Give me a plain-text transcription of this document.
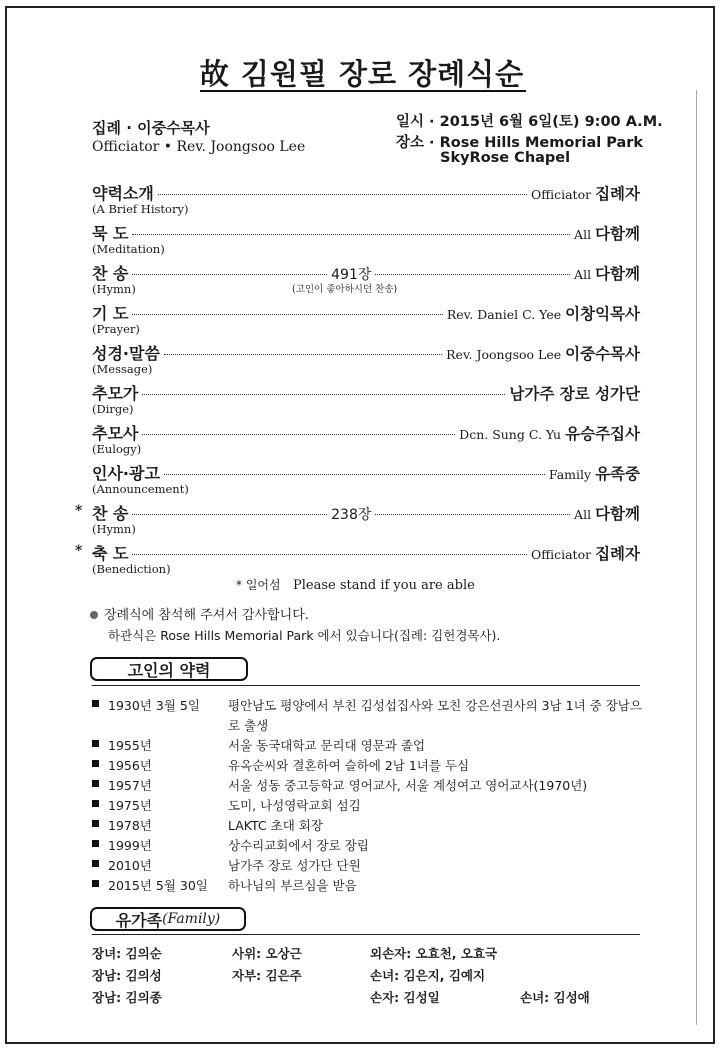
故 김원필 장로 장례식순
집례 · 이중수목사
Officiator • Rev. Joongsoo Lee
일시 · 2015년 6월 6일(토) 9:00 A.M.
장소 · Rose Hills Memorial Park
SkyRose Chapel
약력소개	Officiator 집례자
(A Brief History)
묵 도	All 다함께
(Meditation)
찬 송	491장	All 다함께
(Hymn)	(고인이 좋아하시던 찬송)
기 도	Rev. Daniel C. Yee 이창익목사
(Prayer)
성경·말씀	Rev. Joongsoo Lee 이중수목사
(Message)
추모가	남가주 장로 성가단
(Dirge)
추모사	Dcn. Sung C. Yu 유승주집사
(Eulogy)
인사·광고	Family 유족중
(Announcement)
* 찬 송	238장	All 다함께
(Hymn)
* 축 도	Officiator 집례자
(Benediction)
* 일어섬 Please stand if you are able
장례식에 참석해 주셔서 감사합니다.
하관식은 Rose Hills Memorial Park 에서 있습니다(집례: 김헌경목사).
고인의 약력
1930년 3월 5일 평안남도 평양에서 부친 김성섭집사와 모친 강은선권사의 3남 1녀 중 장남으로 출생
1955년	서울 동국대학교 문리대 영문과 졸업
1956년	유옥순씨와 결혼하여 슬하에 2남 1녀를 두심
1957년	서울 성동 중고등학교 영어교사, 서울 계성여고 영어교사(1970년)
1975년	도미, 나성영락교회 섬김
1978년	LAKTC 초대 회장
1999년	상수리교회에서 장로 장립
2010년	남가주 장로 성가단 단원
2015년 5월 30일 하나님의 부르심을 받음
유가족 (Family)
장녀: 김의순	사위: 오상근	외손자: 오효천, 오효국
장남: 김의성	자부: 김은주	손녀: 김은지, 김예지
장남: 김의종	손자: 김성일	손녀: 김성애
